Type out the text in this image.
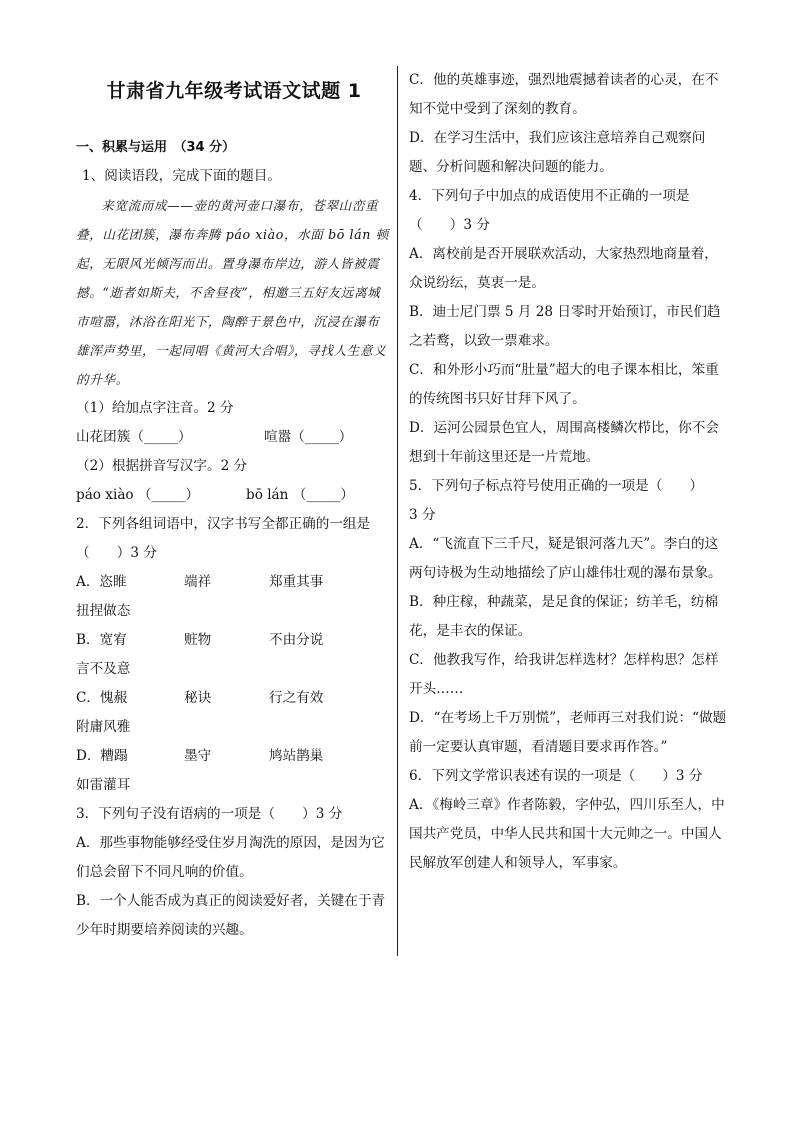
甘肃省九年级考试语文试题 1
一、积累与运用　（34 分）
1、阅读语段，完成下面的题目。
来宽流而成——壶的黄河壶口瀑布，苍翠山峦重叠，山花团簇，瀑布奔腾 páo xiào，水面 bō lán 顿起，无限风光倾泻而出。置身瀑布岸边，游人皆被震撼。“逝者如斯夫，不舍昼夜”，相邀三五好友远离城市喧嚣，沐浴在阳光下，陶醉于景色中，沉浸在瀑布雄浑声势里，一起同唱《黄河大合唱》，寻找人生意义的升华。
（1）给加点字注音。2 分
山花团簇（_____）	喧嚣（_____）
（2）根据拼音写汉字。2 分
páo xiào （_____）	bō lán （_____）
2．下列各组词语中，汉字书写全都正确的一组是
（　　）3 分
A．恣睢	端祥	郑重其事
扭捏做态
B．宽宥	赃物	不由分说
言不及意
C．愧赧	秘诀	行之有效
附庸风雅
D．糟蹋	墨守	鸠站鹊巢
如雷灌耳
3．下列句子没有语病的一项是（　　）3 分
A．那些事物能够经受住岁月淘洗的原因，是因为它们总会留下不同凡响的价值。
B．一个人能否成为真正的阅读爱好者，关键在于青少年时期要培养阅读的兴趣。
C．他的英雄事迹，强烈地震撼着读者的心灵，在不知不觉中受到了深刻的教育。
D．在学习生活中，我们应该注意培养自己观察问题、分析问题和解决问题的能力。
4．下列句子中加点的成语使用不正确的一项是
（　　）3 分
A．离校前是否开展联欢活动，大家热烈地商量着，众说纷纭，莫衷一是。
B．迪士尼门票 5 月 28 日零时开始预订，市民们趋之若鹜，以致一票难求。
C．和外形小巧而“肚量”超大的电子课本相比，笨重的传统图书只好甘拜下风了。
D．运河公园景色宜人，周围高楼鳞次栉比，你不会想到十年前这里还是一片荒地。
5．下列句子标点符号使用正确的一项是（　　）
3 分
A．“飞流直下三千尺，疑是银河落九天”。李白的这两句诗极为生动地描绘了庐山雄伟壮观的瀑布景象。
B．种庄稼，种蔬菜，是足食的保证；纺羊毛，纺棉花，是丰衣的保证。
C．他教我写作，给我讲怎样选材？怎样构思？怎样开头……
D．“在考场上千万别慌”，老师再三对我们说：“做题前一定要认真审题，看清题目要求再作答。”
6．下列文学常识表述有误的一项是（　　）3 分
A．《梅岭三章》作者陈毅，字仲弘，四川乐至人，中国共产党员，中华人民共和国十大元帅之一。中国人民解放军创建人和领导人，军事家。
